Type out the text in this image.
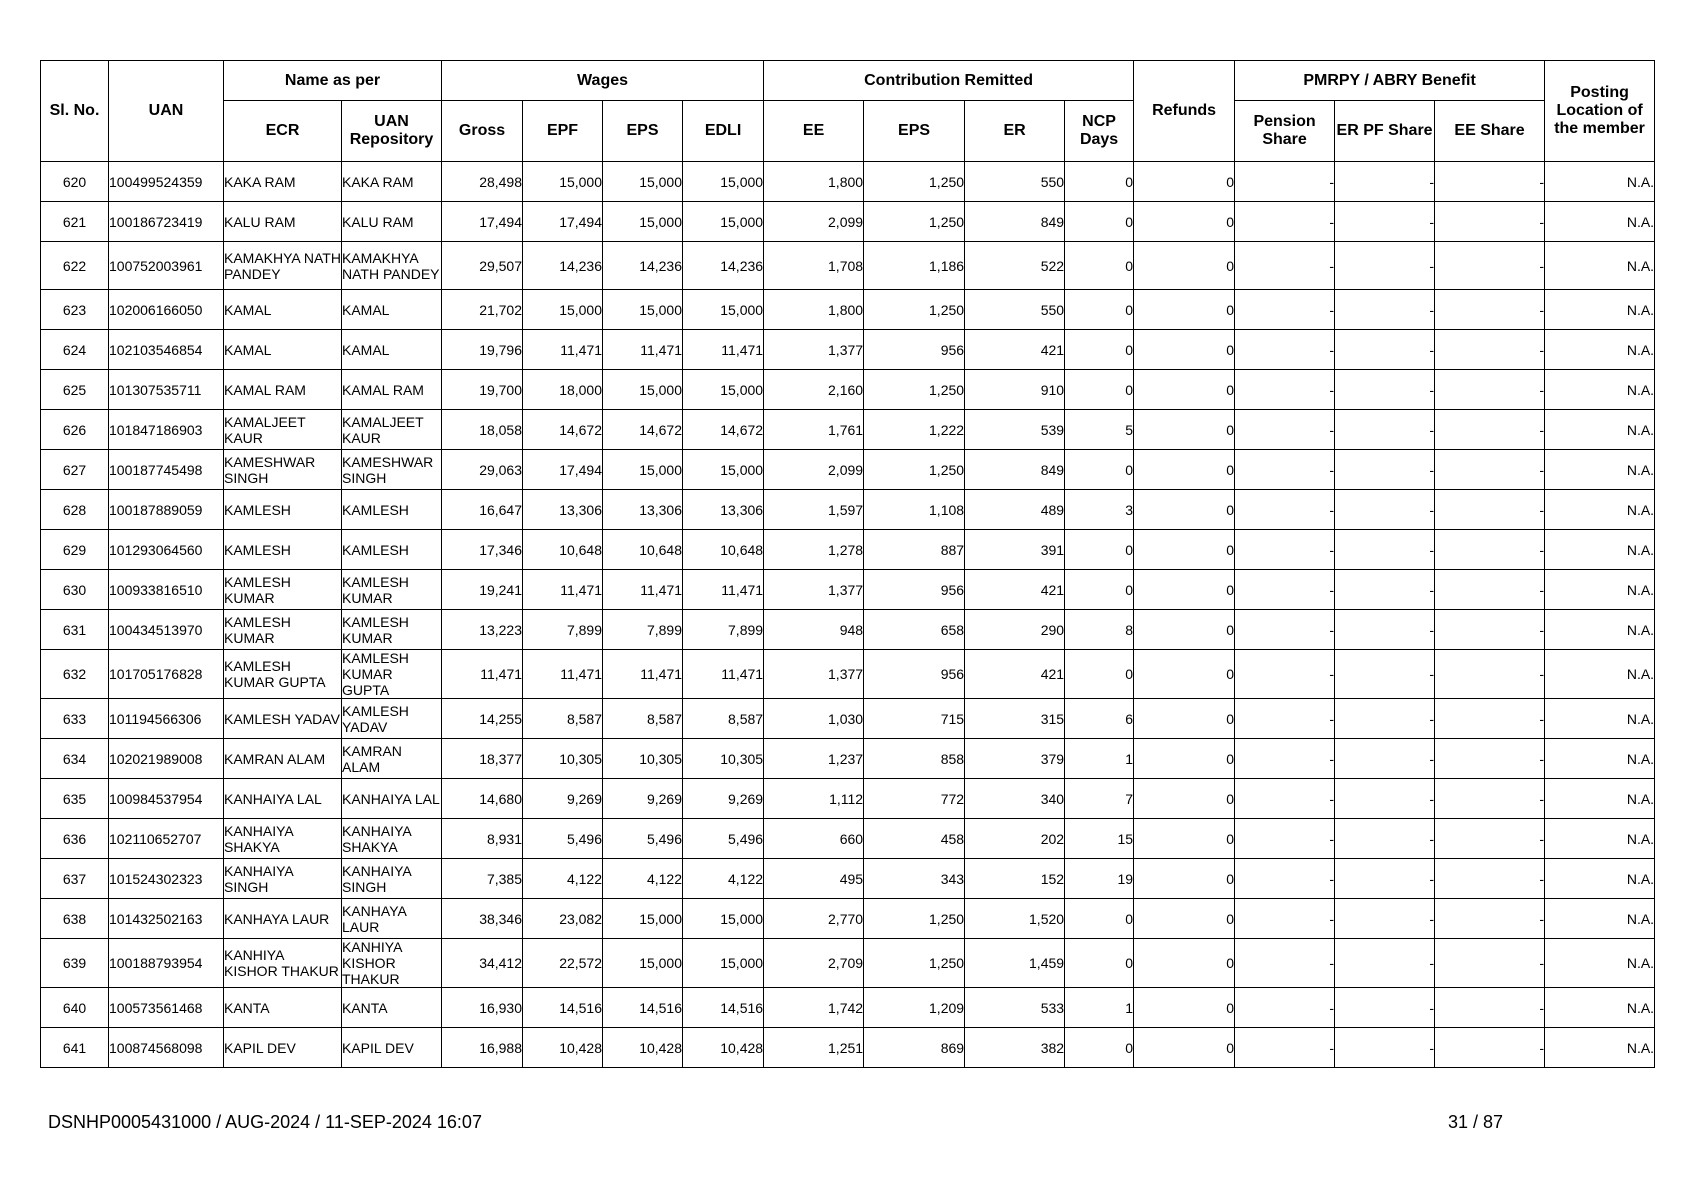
Sl. No.	UAN	Name as per		Wages				Contribution Remitted				Refunds	PMRPY / ABRY Benefit			Posting Location of the member
		ECR	UAN Repository	Gross	EPF	EPS	EDLI	EE	EPS	ER	NCP Days		Pension Share	ER PF Share	EE Share	
620	100499524359	KAKA RAM	KAKA RAM	28,498	15,000	15,000	15,000	1,800	1,250	550	0	0	-	-	-	N.A.
621	100186723419	KALU RAM	KALU RAM	17,494	17,494	15,000	15,000	2,099	1,250	849	0	0	-	-	-	N.A.
622	100752003961	KAMAKHYA NATH PANDEY	KAMAKHYA NATH PANDEY	29,507	14,236	14,236	14,236	1,708	1,186	522	0	0	-	-	-	N.A.
623	102006166050	KAMAL	KAMAL	21,702	15,000	15,000	15,000	1,800	1,250	550	0	0	-	-	-	N.A.
624	102103546854	KAMAL	KAMAL	19,796	11,471	11,471	11,471	1,377	956	421	0	0	-	-	-	N.A.
625	101307535711	KAMAL RAM	KAMAL RAM	19,700	18,000	15,000	15,000	2,160	1,250	910	0	0	-	-	-	N.A.
626	101847186903	KAMALJEET KAUR	KAMALJEET KAUR	18,058	14,672	14,672	14,672	1,761	1,222	539	5	0	-	-	-	N.A.
627	100187745498	KAMESHWAR SINGH	KAMESHWAR SINGH	29,063	17,494	15,000	15,000	2,099	1,250	849	0	0	-	-	-	N.A.
628	100187889059	KAMLESH	KAMLESH	16,647	13,306	13,306	13,306	1,597	1,108	489	3	0	-	-	-	N.A.
629	101293064560	KAMLESH	KAMLESH	17,346	10,648	10,648	10,648	1,278	887	391	0	0	-	-	-	N.A.
630	100933816510	KAMLESH KUMAR	KAMLESH KUMAR	19,241	11,471	11,471	11,471	1,377	956	421	0	0	-	-	-	N.A.
631	100434513970	KAMLESH KUMAR	KAMLESH KUMAR	13,223	7,899	7,899	7,899	948	658	290	8	0	-	-	-	N.A.
632	101705176828	KAMLESH KUMAR GUPTA	KAMLESH KUMAR GUPTA	11,471	11,471	11,471	11,471	1,377	956	421	0	0	-	-	-	N.A.
633	101194566306	KAMLESH YADAV	KAMLESH YADAV	14,255	8,587	8,587	8,587	1,030	715	315	6	0	-	-	-	N.A.
634	102021989008	KAMRAN ALAM	KAMRAN ALAM	18,377	10,305	10,305	10,305	1,237	858	379	1	0	-	-	-	N.A.
635	100984537954	KANHAIYA LAL	KANHAIYA LAL	14,680	9,269	9,269	9,269	1,112	772	340	7	0	-	-	-	N.A.
636	102110652707	KANHAIYA SHAKYA	KANHAIYA SHAKYA	8,931	5,496	5,496	5,496	660	458	202	15	0	-	-	-	N.A.
637	101524302323	KANHAIYA SINGH	KANHAIYA SINGH	7,385	4,122	4,122	4,122	495	343	152	19	0	-	-	-	N.A.
638	101432502163	KANHAYA LAUR	KANHAYA LAUR	38,346	23,082	15,000	15,000	2,770	1,250	1,520	0	0	-	-	-	N.A.
639	100188793954	KANHIYA KISHOR THAKUR	KANHIYA KISHOR THAKUR	34,412	22,572	15,000	15,000	2,709	1,250	1,459	0	0	-	-	-	N.A.
640	100573561468	KANTA	KANTA	16,930	14,516	14,516	14,516	1,742	1,209	533	1	0	-	-	-	N.A.
641	100874568098	KAPIL DEV	KAPIL DEV	16,988	10,428	10,428	10,428	1,251	869	382	0	0	-	-	-	N.A.
DSNHP0005431000 / AUG-2024 / 11-SEP-2024 16:07	31 / 87
